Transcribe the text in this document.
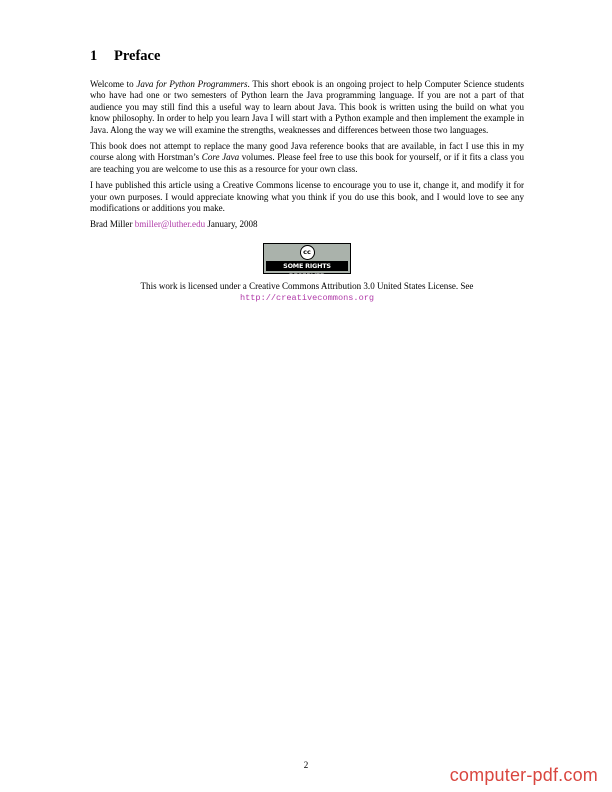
1	Preface

Welcome to Java for Python Programmers. This short ebook is an ongoing project to help Computer Science students who have had one or two semesters of Python learn the Java programming language. If you are not a part of that audience you may still find this a useful way to learn about Java. This book is written using the build on what you know philosophy. In order to help you learn Java I will start with a Python example and then implement the example in Java. Along the way we will examine the strengths, weaknesses and differences between those two languages.

This book does not attempt to replace the many good Java reference books that are available, in fact I use this in my course along with Horstman’s Core Java volumes. Please feel free to use this book for yourself, or if it fits a class you are teaching you are welcome to use this as a resource for your own class.

I have published this article using a Creative Commons license to encourage you to use it, change it, and modify it for your own purposes. I would appreciate knowing what you think if you do use this book, and I would love to see any modifications or additions you make.

Brad Miller bmiller@luther.edu January, 2008

cc
SOME RIGHTS RESERVED

This work is licensed under a Creative Commons Attribution 3.0 United States License. See

http://creativecommons.org

2	computer-pdf.com
